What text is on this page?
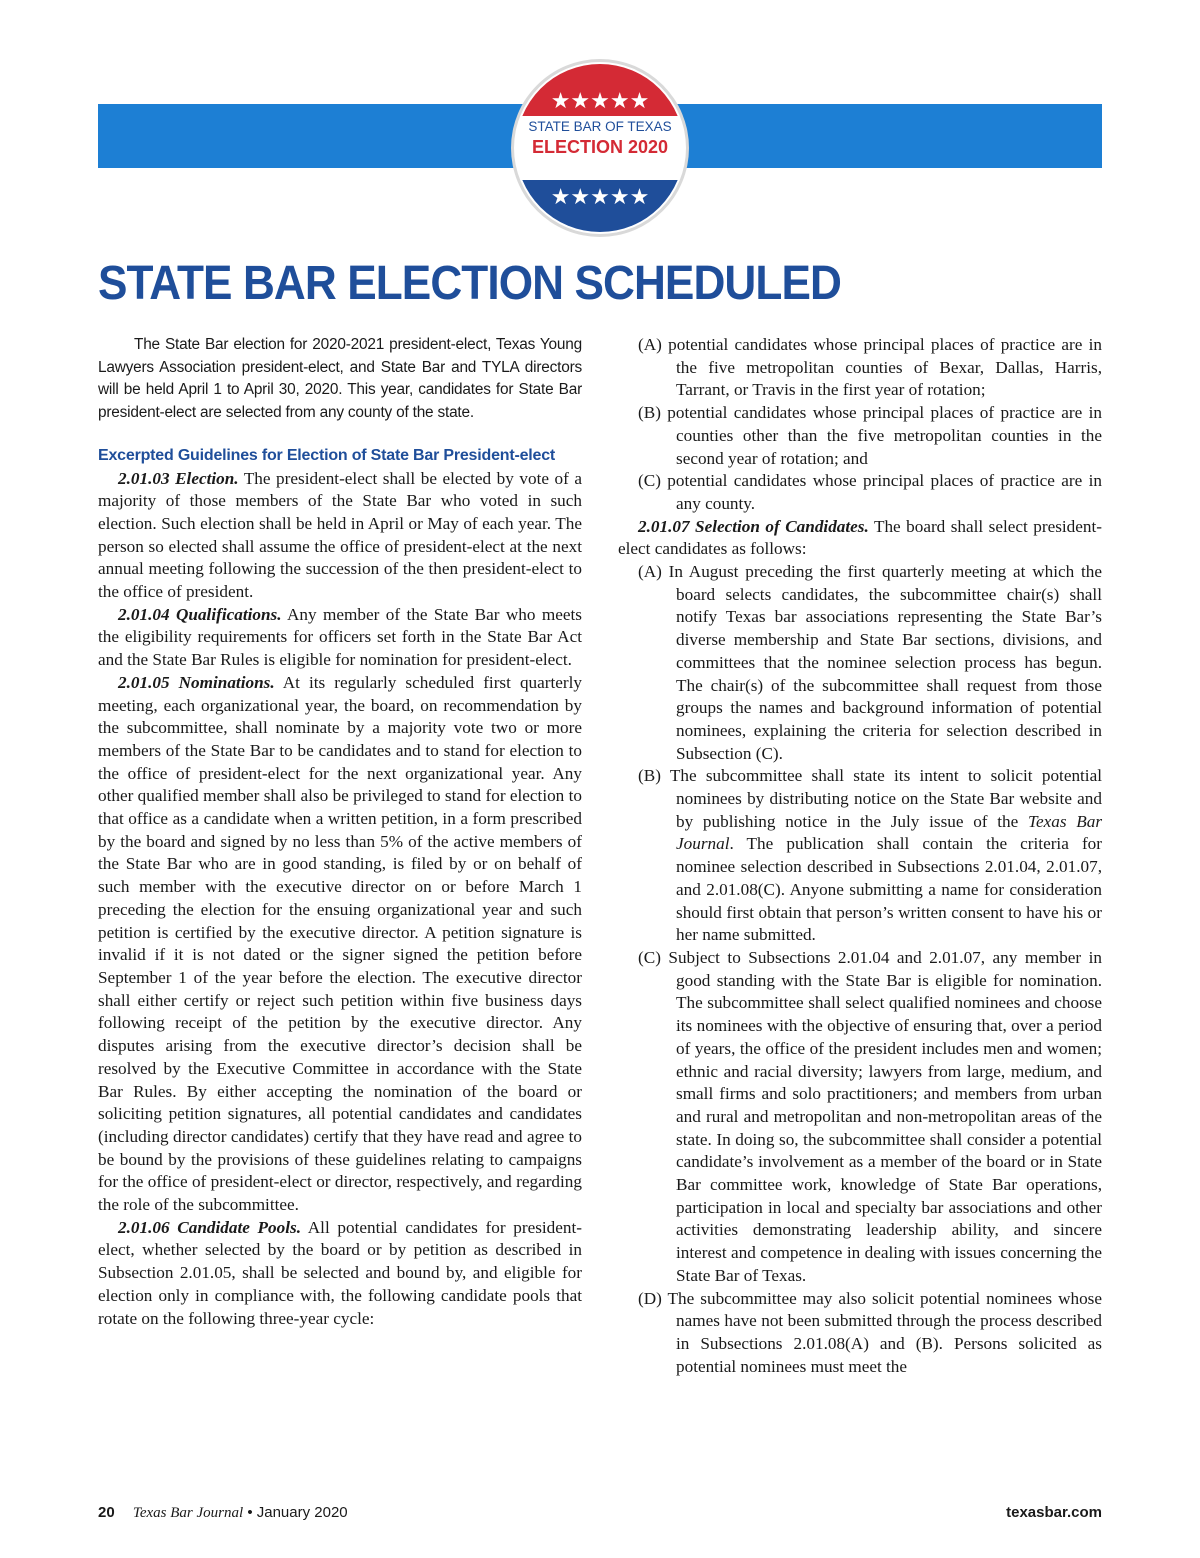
★★★★★
STATE BAR OF TEXAS
ELECTION 2020
★★★★★
STATE BAR ELECTION SCHEDULED

The State Bar election for 2020-2021 president-elect, Texas Young Lawyers Association president-elect, and State Bar and TYLA directors will be held April 1 to April 30, 2020. This year, candidates for State Bar president-elect are selected from any county of the state.

Excerpted Guidelines for Election of State Bar President-elect

2.01.03 Election. The president-elect shall be elected by vote of a majority of those members of the State Bar who voted in such election. Such election shall be held in April or May of each year. The person so elected shall assume the office of president-elect at the next annual meeting following the succession of the then president-elect to the office of president.

2.01.04 Qualifications. Any member of the State Bar who meets the eligibility requirements for officers set forth in the State Bar Act and the State Bar Rules is eligible for nomination for president-elect.

2.01.05 Nominations. At its regularly scheduled first quarterly meeting, each organizational year, the board, on recommendation by the subcommittee, shall nominate by a majority vote two or more members of the State Bar to be candidates and to stand for election to the office of president-elect for the next organizational year. Any other qualified member shall also be privileged to stand for election to that office as a candidate when a written petition, in a form prescribed by the board and signed by no less than 5% of the active members of the State Bar who are in good standing, is filed by or on behalf of such member with the executive director on or before March 1 preceding the election for the ensuing organizational year and such petition is certified by the executive director. A petition signature is invalid if it is not dated or the signer signed the petition before September 1 of the year before the election. The executive director shall either certify or reject such petition within five business days following receipt of the petition by the executive director. Any disputes arising from the executive director’s decision shall be resolved by the Executive Committee in accordance with the State Bar Rules. By either accepting the nomination of the board or soliciting petition signatures, all potential candidates and candidates (including director candidates) certify that they have read and agree to be bound by the provisions of these guidelines relating to campaigns for the office of president-elect or director, respectively, and regarding the role of the subcommittee.

2.01.06 Candidate Pools. All potential candidates for president-elect, whether selected by the board or by petition as described in Subsection 2.01.05, shall be selected and bound by, and eligible for election only in compliance with, the following candidate pools that rotate on the following three-year cycle:

(A) potential candidates whose principal places of practice are in the five metropolitan counties of Bexar, Dallas, Harris, Tarrant, or Travis in the first year of rotation;

(B) potential candidates whose principal places of practice are in counties other than the five metropolitan counties in the second year of rotation; and

(C) potential candidates whose principal places of practice are in any county.

2.01.07 Selection of Candidates. The board shall select president-elect candidates as follows:

(A) In August preceding the first quarterly meeting at which the board selects candidates, the subcommittee chair(s) shall notify Texas bar associations representing the State Bar’s diverse membership and State Bar sections, divisions, and committees that the nominee selection process has begun. The chair(s) of the subcommittee shall request from those groups the names and background information of potential nominees, explaining the criteria for selection described in Subsection (C).

(B) The subcommittee shall state its intent to solicit potential nominees by distributing notice on the State Bar website and by publishing notice in the July issue of the Texas Bar Journal. The publication shall contain the criteria for nominee selection described in Subsections 2.01.04, 2.01.07, and 2.01.08(C). Anyone submitting a name for consideration should first obtain that person’s written consent to have his or her name submitted.

(C) Subject to Subsections 2.01.04 and 2.01.07, any member in good standing with the State Bar is eligible for nomination. The subcommittee shall select qualified nominees and choose its nominees with the objective of ensuring that, over a period of years, the office of the president includes men and women; ethnic and racial diversity; lawyers from large, medium, and small firms and solo practitioners; and members from urban and rural and metropolitan and non-metropolitan areas of the state. In doing so, the subcommittee shall consider a potential candidate’s involvement as a member of the board or in State Bar committee work, knowledge of State Bar operations, participation in local and specialty bar associations and other activities demonstrating leadership ability, and sincere interest and competence in dealing with issues concerning the State Bar of Texas.

(D) The subcommittee may also solicit potential nominees whose names have not been submitted through the process described in Subsections 2.01.08(A) and (B). Persons solicited as potential nominees must meet the

20 Texas Bar Journal • January 2020	texasbar.com
